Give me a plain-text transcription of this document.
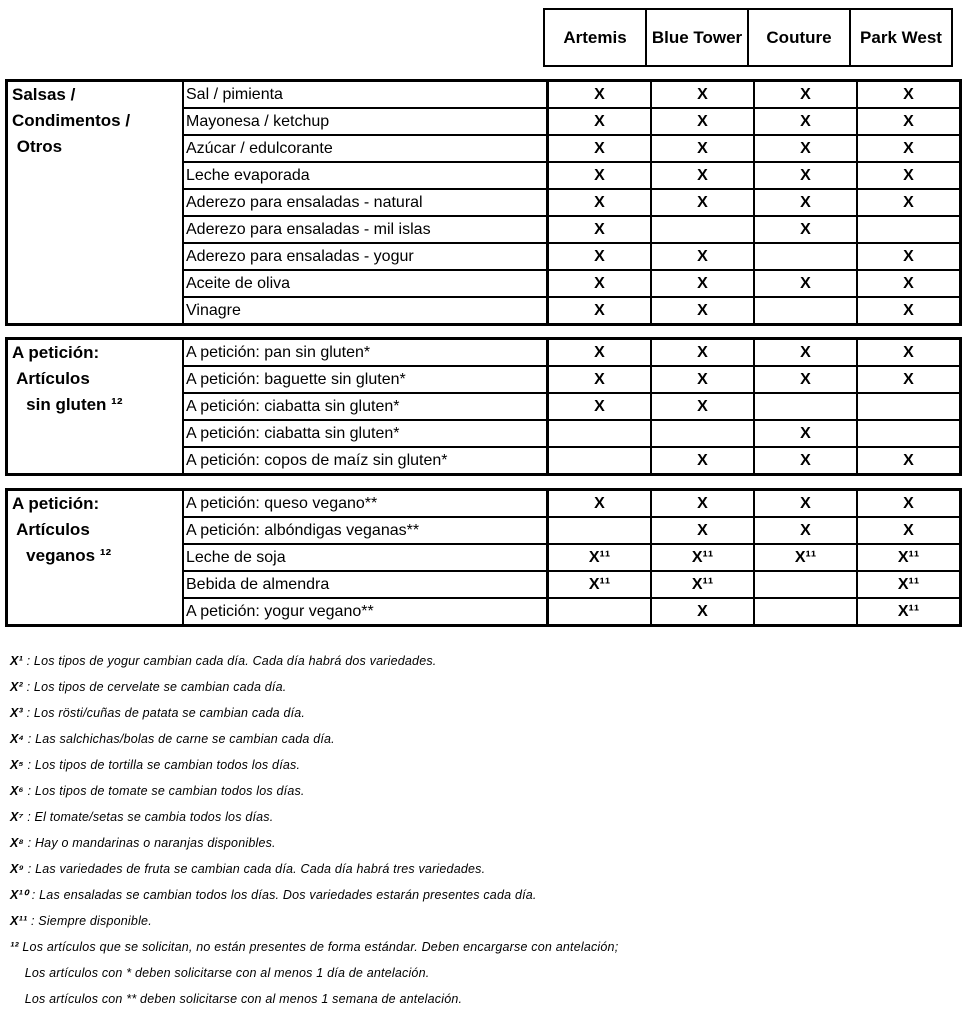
Artemis	Blue Tower	Couture	Park West
Salsas /
Condimentos /
Otros	Sal / pimienta	X	X	X	X
	Mayonesa / ketchup	X	X	X	X
	Azúcar / edulcorante	X	X	X	X
	Leche evaporada	X	X	X	X
	Aderezo para ensaladas - natural	X	X	X	X
	Aderezo para ensaladas - mil islas	X		X	
	Aderezo para ensaladas - yogur	X	X		X
	Aceite de oliva	X	X	X	X
	Vinagre	X	X		X
A petición:
Artículos
sin gluten ¹²	A petición: pan sin gluten*	X	X	X	X
	A petición: baguette sin gluten*	X	X	X	X
	A petición: ciabatta sin gluten*	X	X		
	A petición: ciabatta sin gluten*			X	
	A petición: copos de maíz sin gluten*		X	X	X
A petición:
Artículos
veganos ¹²	A petición: queso vegano**	X	X	X	X
	A petición: albóndigas veganas**		X	X	X
	Leche de soja	X¹¹	X¹¹	X¹¹	X¹¹
	Bebida de almendra	X¹¹	X¹¹		X¹¹
	A petición: yogur vegano**		X		X¹¹
X¹ : Los tipos de yogur cambian cada día. Cada día habrá dos variedades.
X² : Los tipos de cervelate se cambian cada día.
X³ : Los rösti/cuñas de patata se cambian cada día.
X⁴ : Las salchichas/bolas de carne se cambian cada día.
X⁵ : Los tipos de tortilla se cambian todos los días.
X⁶ : Los tipos de tomate se cambian todos los días.
X⁷ : El tomate/setas se cambia todos los días.
X⁸ : Hay o mandarinas o naranjas disponibles.
X⁹ : Las variedades de fruta se cambian cada día. Cada día habrá tres variedades.
X¹⁰ : Las ensaladas se cambian todos los días. Dos variedades estarán presentes cada día.
X¹¹ : Siempre disponible.
¹² Los artículos que se solicitan, no están presentes de forma estándar. Deben encargarse con antelación;
Los artículos con * deben solicitarse con al menos 1 día de antelación.
Los artículos con ** deben solicitarse con al menos 1 semana de antelación.
